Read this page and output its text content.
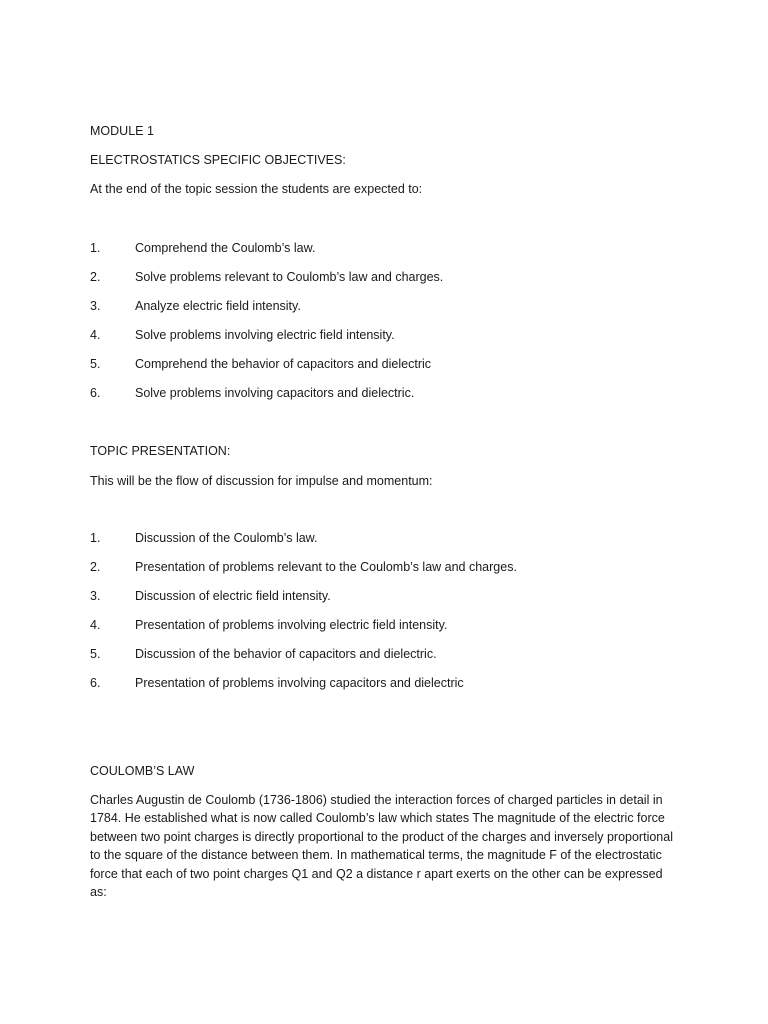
MODULE 1
ELECTROSTATICS SPECIFIC OBJECTIVES:
At the end of the topic session the students are expected to:
1.	Comprehend the Coulomb’s law.
2.	Solve problems relevant to Coulomb’s law and charges.
3.	Analyze electric field intensity.
4.	Solve problems involving electric field intensity.
5.	Comprehend the behavior of capacitors and dielectric
6.	Solve problems involving capacitors and dielectric.
TOPIC PRESENTATION:
This will be the flow of discussion for impulse and momentum:
1.	Discussion of the Coulomb’s law.
2.	Presentation of problems relevant to the Coulomb’s law and charges.
3.	Discussion of electric field intensity.
4.	Presentation of problems involving electric field intensity.
5.	Discussion of the behavior of capacitors and dielectric.
6.	Presentation of problems involving capacitors and dielectric
COULOMB’S LAW
Charles Augustin de Coulomb (1736-1806) studied the interaction forces of charged particles in detail in 1784. He established what is now called Coulomb’s law which states The magnitude of the electric force between two point charges is directly proportional to the product of the charges and inversely proportional to the square of the distance between them. In mathematical terms, the magnitude F of the electrostatic force that each of two point charges Q1 and Q2 a distance r apart exerts on the other can be expressed as:
